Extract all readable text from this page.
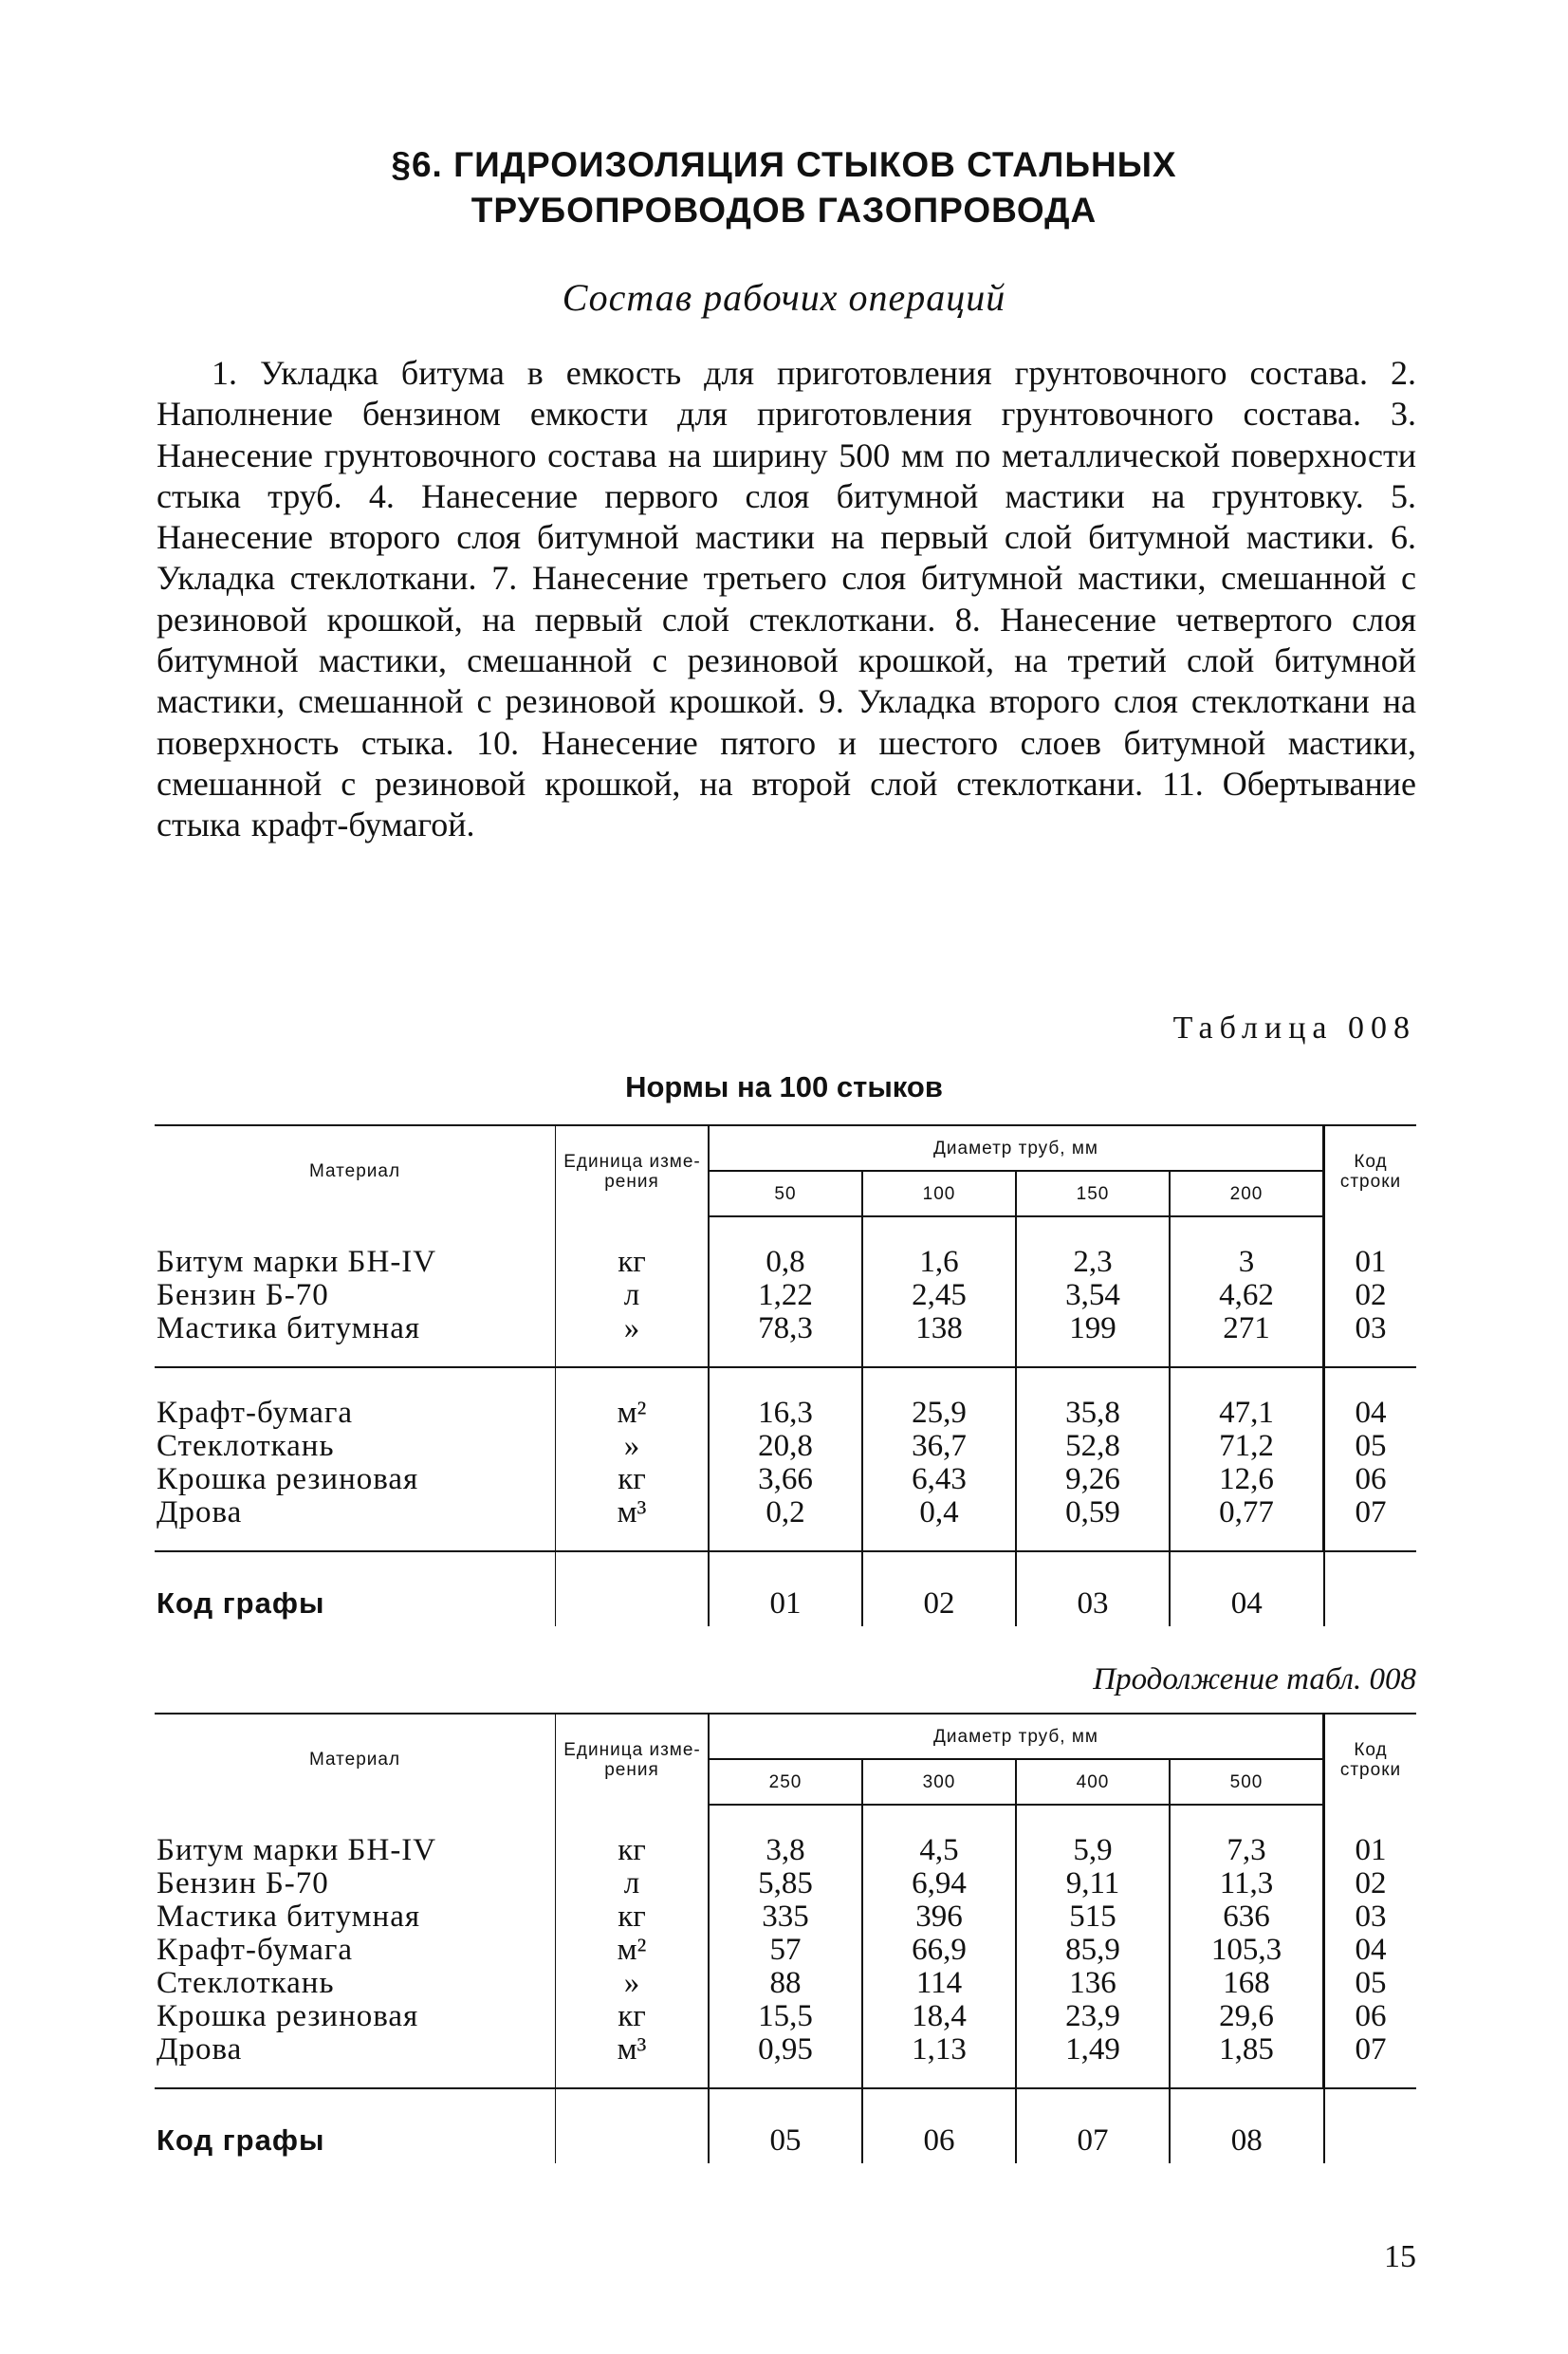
§6. ГИДРОИЗОЛЯЦИЯ СТЫКОВ СТАЛЬНЫХ
ТРУБОПРОВОДОВ ГАЗОПРОВОДА
Состав рабочих операций
1. Укладка битума в емкость для приготовления грунтовочного состава. 2. Наполнение бензином емкости для приготовления грунтовочного состава. 3. Нанесение грунтовочного состава на ширину 500 мм по металлической поверхности стыка труб. 4. Нанесение первого слоя битумной мастики на грунтовку. 5. Нанесение второго слоя битумной мастики на первый слой битумной мастики. 6. Укладка стеклоткани. 7. Нанесение третьего слоя битумной мастики, смешанной с резиновой крошкой, на первый слой стеклоткани. 8. Нанесение четвертого слоя битумной мастики, смешанной с резиновой крошкой, на третий слой битумной мастики, смешанной с резиновой крошкой. 9. Укладка второго слоя стеклоткани на поверхность стыка. 10. Нанесение пятого и шестого слоев битумной мастики, смешанной с резиновой крошкой, на второй слой стеклоткани. 11. Обертывание стыка крафт-бумагой.
Таблица 008
Нормы на 100 стыков
Материал	Единица измерения	Диаметр труб, мм				Код строки
		50	100	150	200	
Битум марки БН-IV	кг	0,8	1,6	2,3	3	01
Бензин Б-70	л	1,22	2,45	3,54	4,62	02
Мастика битумная	»	78,3	138	199	271	03
Крафт-бумага	м²	16,3	25,9	35,8	47,1	04
Стеклоткань	»	20,8	36,7	52,8	71,2	05
Крошка резиновая	кг	3,66	6,43	9,26	12,6	06
Дрова	м³	0,2	0,4	0,59	0,77	07
Код графы		01	02	03	04	
Продолжение табл. 008
Материал	Единица измерения	Диаметр труб, мм				Код строки
		250	300	400	500	
Битум марки БН-IV	кг	3,8	4,5	5,9	7,3	01
Бензин Б-70	л	5,85	6,94	9,11	11,3	02
Мастика битумная	кг	335	396	515	636	03
Крафт-бумага	м²	57	66,9	85,9	105,3	04
Стеклоткань	»	88	114	136	168	05
Крошка резиновая	кг	15,5	18,4	23,9	29,6	06
Дрова	м³	0,95	1,13	1,49	1,85	07
Код графы		05	06	07	08	
15
